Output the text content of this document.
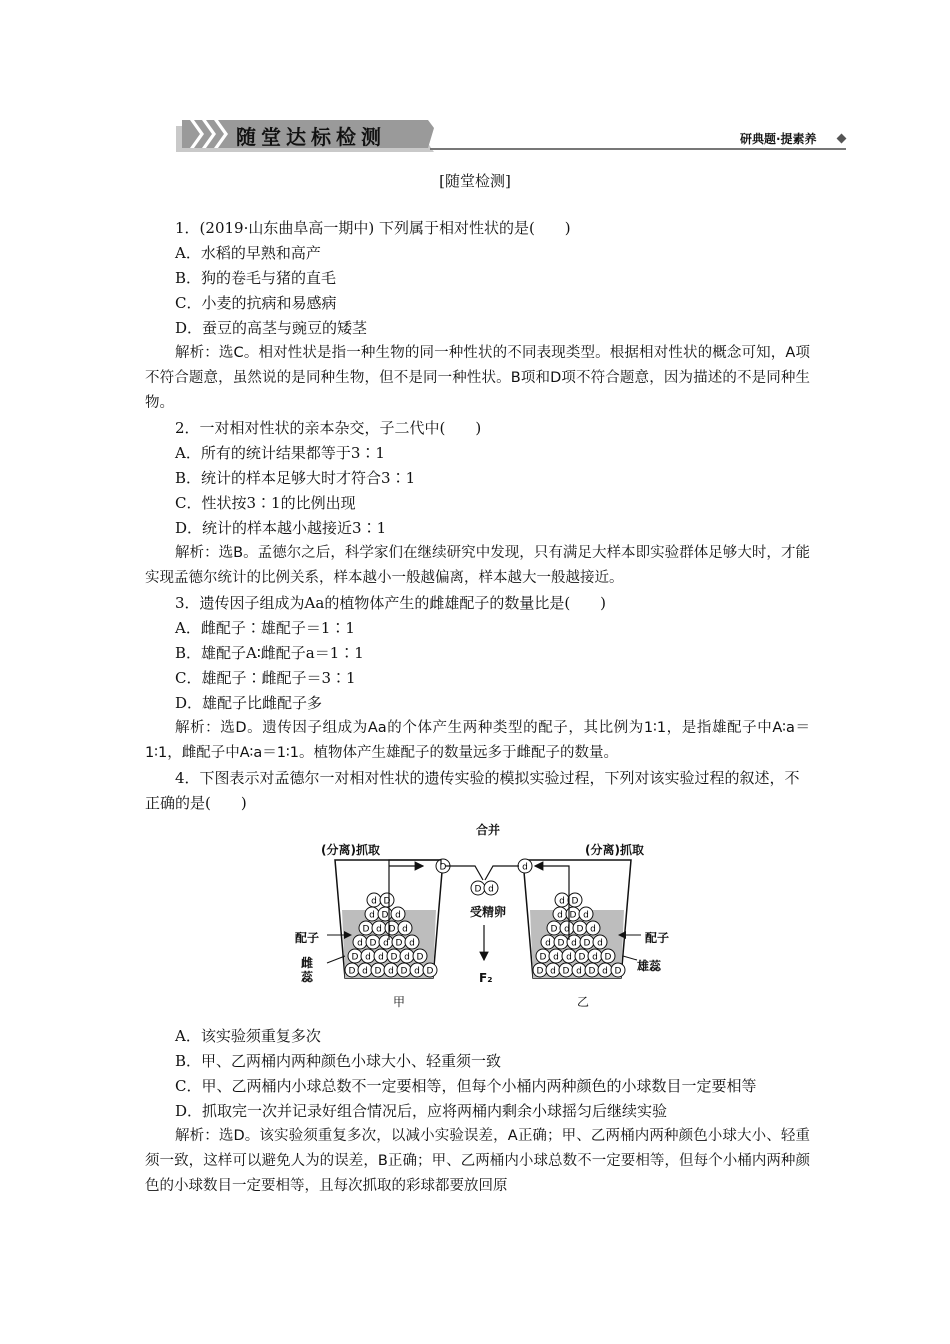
随堂达标检测	研典题·提素养
[随堂检测]

1．(2019·山东曲阜高一期中) 下列属于相对性状的是(　　)

A．水稻的早熟和高产

B．狗的卷毛与猪的直毛

C．小麦的抗病和易感病

D．蚕豆的高茎与豌豆的矮茎

解析：选C。相对性状是指一种生物的同一种性状的不同表现类型。根据相对性状的概念可知，A项不符合题意，虽然说的是同种生物，但不是同一种性状。B项和D项不符合题意，因为描述的不是同种生物。

2．一对相对性状的亲本杂交，子二代中(　　)

A．所有的统计结果都等于3∶1

B．统计的样本足够大时才符合3∶1

C．性状按3∶1的比例出现

D．统计的样本越小越接近3∶1

解析：选B。孟德尔之后，科学家们在继续研究中发现，只有满足大样本即实验群体足够大时，才能实现孟德尔统计的比例关系，样本越小一般越偏离，样本越大一般越接近。

3．遗传因子组成为Aa的植物体产生的雌雄配子的数量比是(　　)

A．雌配子∶雄配子＝1∶1

B．雄配子A∶雌配子a＝1∶1

C．雄配子∶雌配子＝3∶1

D．雄配子比雌配子多

解析：选D。遗传因子组成为Aa的个体产生两种类型的配子，其比例为1∶1，是指雄配子中A∶a＝1∶1，雌配子中A∶a＝1∶1。植物体产生雄配子的数量远多于雌配子的数量。

4．下图表示对孟德尔一对相对性状的遗传实验的模拟实验过程，下列对该实验过程的叙述，不正确的是(　　)

D d D d D d D
D d d D d D
d D d D d
D d D d
d D d
d D
D d D d D d D
D d d D d D
d D d D d
D d D d
d D d
d D
D	d
D d
(分离)抓取	(分离)抓取
合并
受精卵
配子	配子
雌蕊
雄蕊
F₂
甲	乙

A．该实验须重复多次

B．甲、乙两桶内两种颜色小球大小、轻重须一致

C．甲、乙两桶内小球总数不一定要相等，但每个小桶内两种颜色的小球数目一定要相等

D．抓取完一次并记录好组合情况后，应将两桶内剩余小球摇匀后继续实验

解析：选D。该实验须重复多次，以减小实验误差，A正确；甲、乙两桶内两种颜色小球大小、轻重须一致，这样可以避免人为的误差，B正确；甲、乙两桶内小球总数不一定要相等，但每个小桶内两种颜色的小球数目一定要相等，且每次抓取的彩球都要放回原
